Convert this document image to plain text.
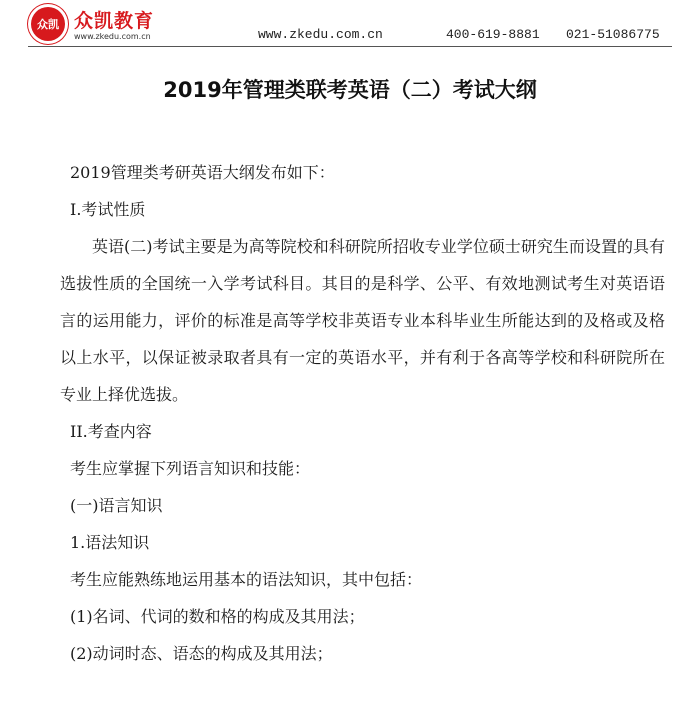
众凯 众凯教育
www.zkedu.com.cn	www.zkedu.com.cn	400-619-8881 021-51086775
2019年管理类联考英语（二）考试大纲
2019管理类考研英语大纲发布如下：
I.考试性质
英语(二)考试主要是为高等院校和科研院所招收专业学位硕士研究生而设置的具有选拔性质的全国统一入学考试科目。其目的是科学、公平、有效地测试考生对英语语言的运用能力，评价的标准是高等学校非英语专业本科毕业生所能达到的及格或及格以上水平，以保证被录取者具有一定的英语水平，并有利于各高等学校和科研院所在专业上择优选拔。
II.考查内容
考生应掌握下列语言知识和技能：
(一)语言知识
1.语法知识
考生应能熟练地运用基本的语法知识，其中包括：
(1)名词、代词的数和格的构成及其用法；
(2)动词时态、语态的构成及其用法；
